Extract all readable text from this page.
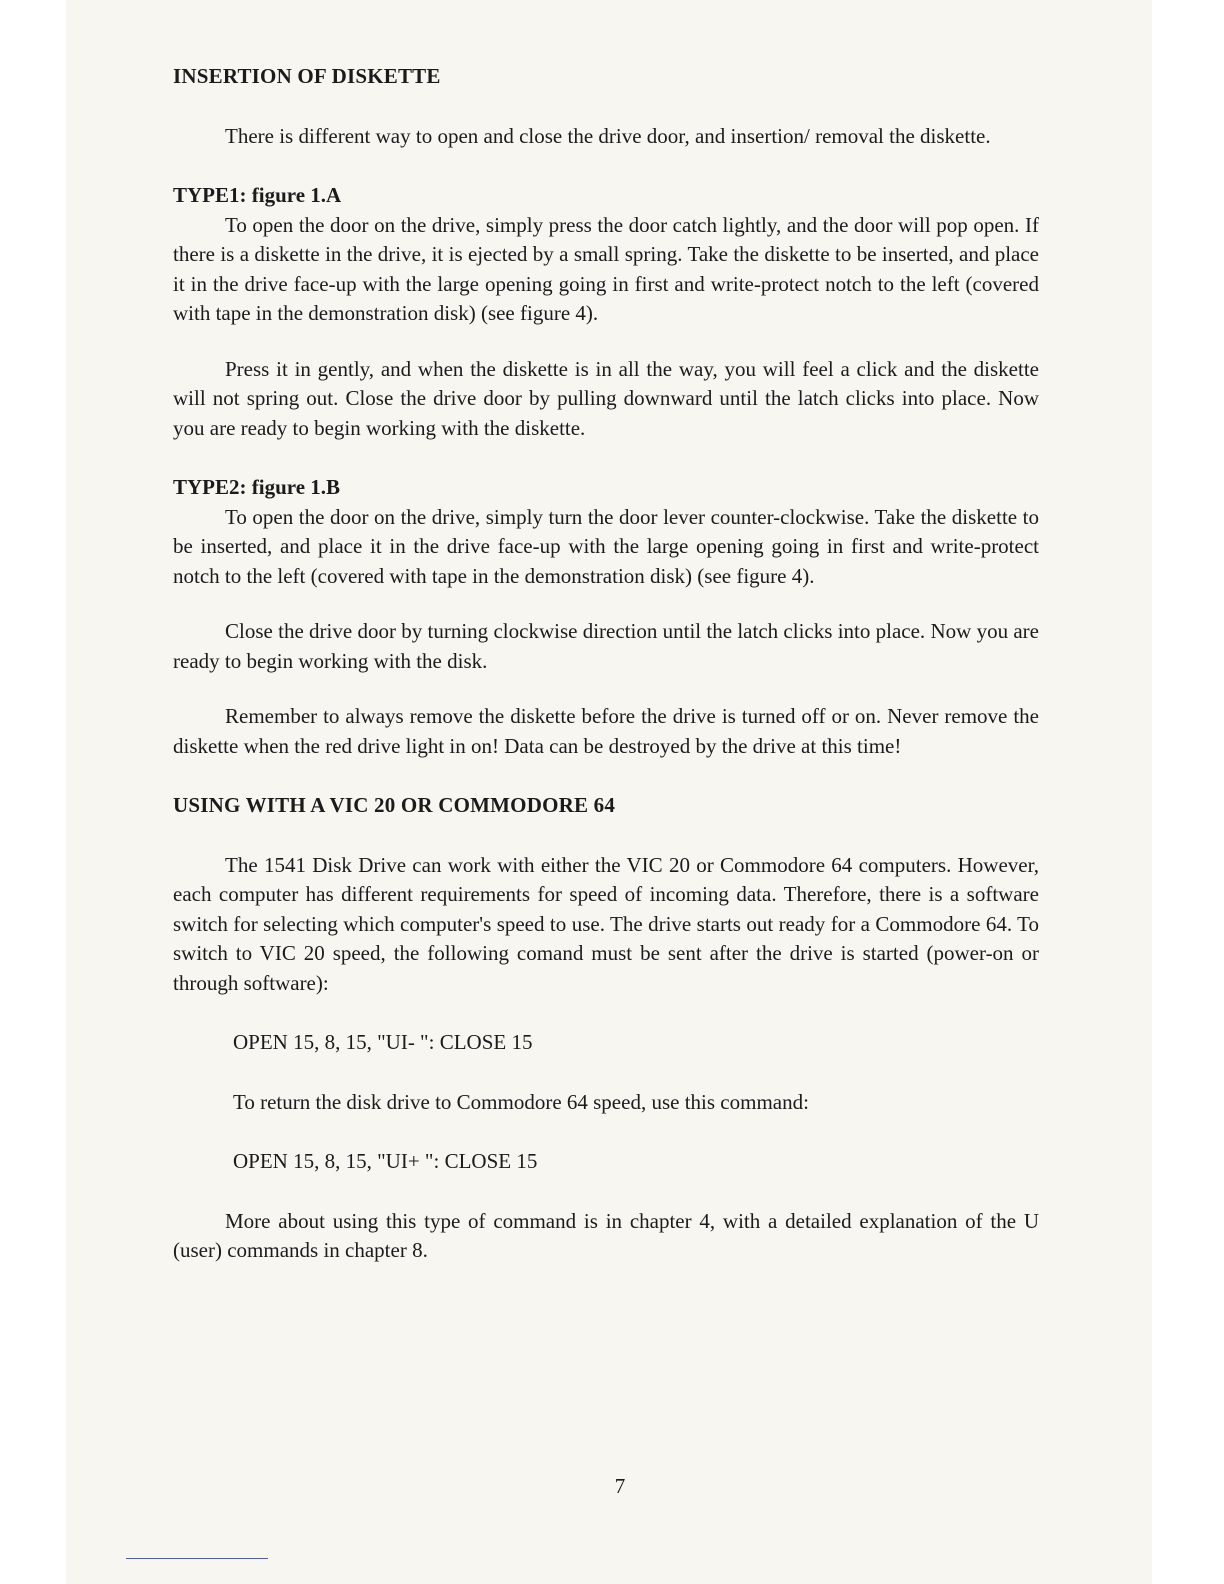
INSERTION OF DISKETTE

There is different way to open and close the drive door, and insertion/ removal the diskette.

TYPE1: figure 1.A

To open the door on the drive, simply press the door catch lightly, and the door will pop open. If there is a diskette in the drive, it is ejected by a small spring. Take the diskette to be inserted, and place it in the drive face-up with the large opening going in first and write-protect notch to the left (covered with tape in the demonstration disk) (see figure 4).

Press it in gently, and when the diskette is in all the way, you will feel a click and the diskette will not spring out. Close the drive door by pulling downward until the latch clicks into place. Now you are ready to begin working with the diskette.

TYPE2: figure 1.B

To open the door on the drive, simply turn the door lever counter-clockwise. Take the diskette to be inserted, and place it in the drive face-up with the large opening going in first and write-protect notch to the left (covered with tape in the demonstration disk) (see figure 4).

Close the drive door by turning clockwise direction until the latch clicks into place. Now you are ready to begin working with the disk.

Remember to always remove the diskette before the drive is turned off or on. Never remove the diskette when the red drive light in on! Data can be destroyed by the drive at this time!

USING WITH A VIC 20 OR COMMODORE 64

The 1541 Disk Drive can work with either the VIC 20 or Commodore 64 computers. However, each computer has different requirements for speed of incoming data. Therefore, there is a software switch for selecting which computer's speed to use. The drive starts out ready for a Commodore 64. To switch to VIC 20 speed, the following comand must be sent after the drive is started (power-on or through software):

OPEN 15, 8, 15, "UI- ": CLOSE 15

To return the disk drive to Commodore 64 speed, use this command:

OPEN 15, 8, 15, "UI+ ": CLOSE 15

More about using this type of command is in chapter 4, with a detailed explanation of the U (user) commands in chapter 8.

7
